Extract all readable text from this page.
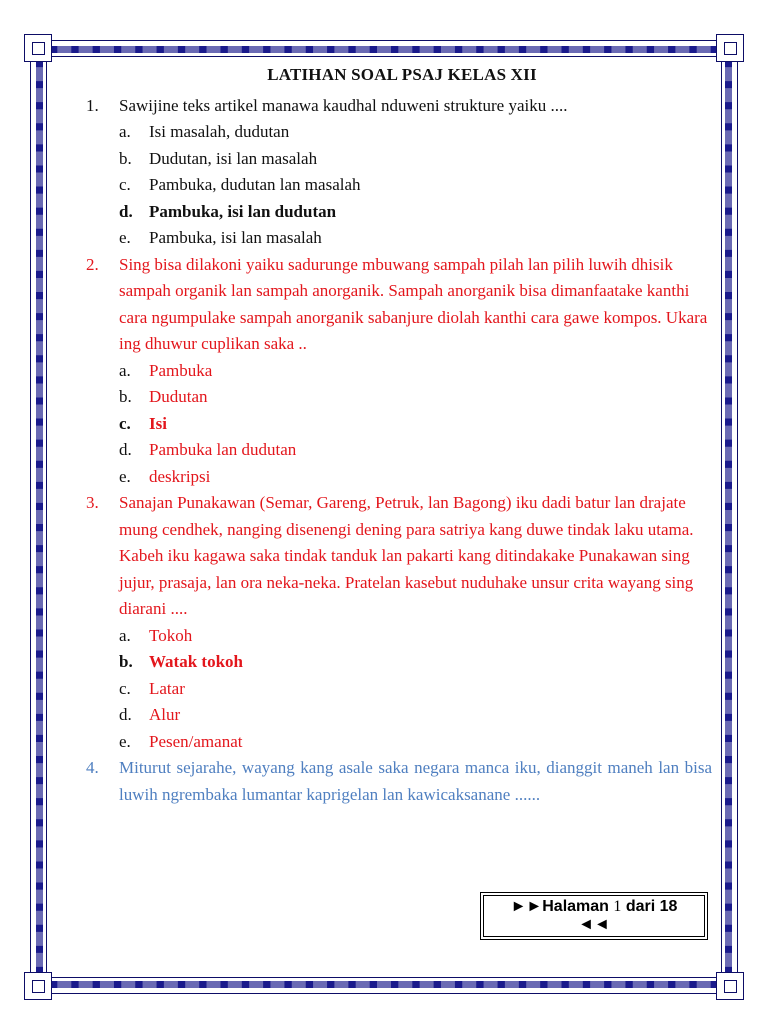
LATIHAN SOAL PSAJ KELAS XII
1.	Sawijine teks artikel manawa kaudhal nduweni strukture yaiku ....
a.	Isi masalah, dudutan
b.	Dudutan, isi lan masalah
c.	Pambuka, dudutan lan masalah
d. Pambuka, isi lan dudutan
e.	Pambuka, isi lan masalah
2.	Sing bisa dilakoni yaiku sadurunge mbuwang sampah pilah lan pilih luwih dhisik sampah organik lan sampah anorganik. Sampah anorganik bisa dimanfaatake kanthi cara ngumpulake sampah anorganik sabanjure diolah kanthi cara gawe kompos. Ukara ing dhuwur cuplikan saka ..
a.	Pambuka
b.	Dudutan
c.	Isi
d.	Pambuka lan dudutan
e.	deskripsi
3.	Sanajan Punakawan (Semar, Gareng, Petruk, lan Bagong) iku dadi batur lan drajate mung cendhek, nanging disenengi dening para satriya kang duwe tindak laku utama. Kabeh iku kagawa saka tindak tanduk lan pakarti kang ditindakake Punakawan sing jujur, prasaja, lan ora neka-neka. Pratelan kasebut nuduhake unsur crita wayang sing diarani ....
a.	Tokoh
b. Watak tokoh
c.	Latar
d.	Alur
e.	Pesen/amanat
4.	Miturut sejarahe, wayang kang asale saka negara manca iku, dianggit maneh lan bisa luwih ngrembaka lumantar kaprigelan lan kawicaksanane ......
►►Halaman 1 dari 18
◄◄
